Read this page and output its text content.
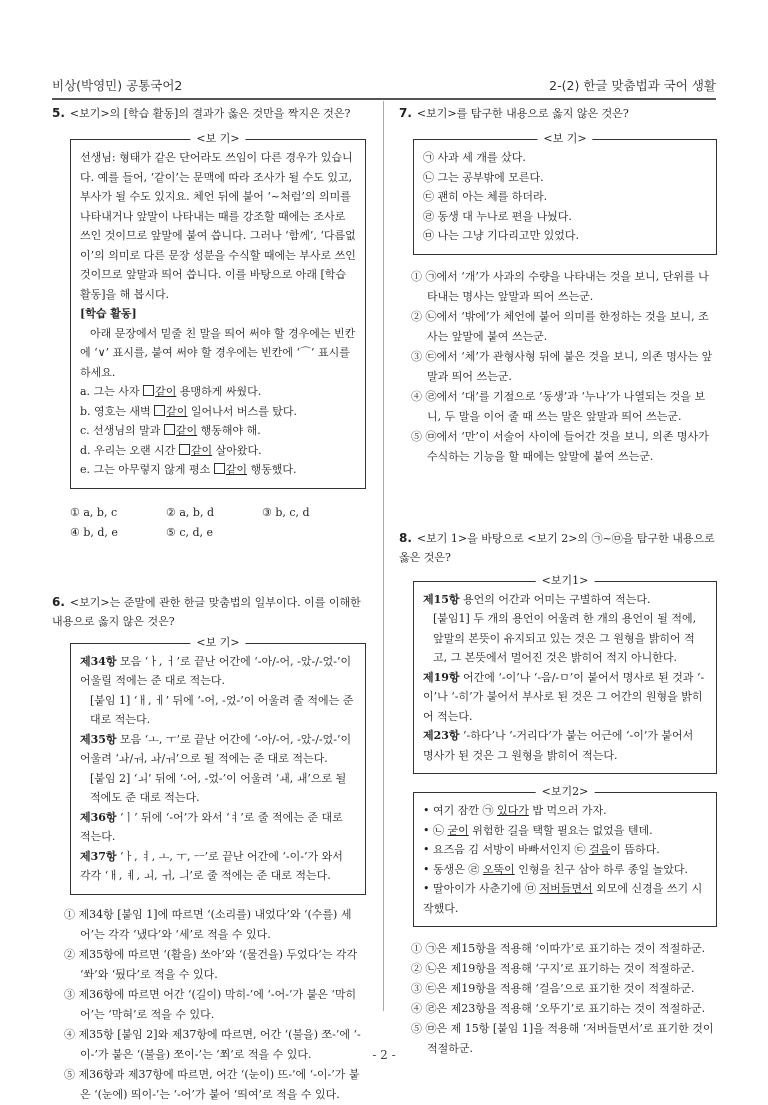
비상(박영민) 공통국어2	2-(2) 한글 맞춤법과 국어 생활

5. <보기>의 [학습 활동]의 결과가 옳은 것만을 짝지은 것은?

<보 기>

선생님: 형태가 같은 단어라도 쓰임이 다른 경우가 있습니다. 예를 들어, ‘같이’는 문맥에 따라 조사가 될 수도 있고, 부사가 될 수도 있지요. 체언 뒤에 붙어 ‘~처럼’의 의미를 나타내거나 앞말이 나타내는 때를 강조할 때에는 조사로 쓰인 것이므로 앞말에 붙여 씁니다. 그러나 ‘함께’, ‘다름없이’의 의미로 다른 문장 성분을 수식할 때에는 부사로 쓰인 것이므로 앞말과 띄어 씁니다. 이를 바탕으로 아래 [학습 활동]을 해 봅시다.

[학습 활동]

아래 문장에서 밑줄 친 말을 띄어 써야 할 경우에는 빈칸에 ‘∨’ 표시를, 붙여 써야 할 경우에는 빈칸에 ‘⌒’ 표시를 하세요.

a. 그는 사자 같이 용맹하게 싸웠다.

b. 영호는 새벽 같이 일어나서 버스를 탔다.

c. 선생님의 말과 같이 행동해야 해.

d. 우리는 오랜 시간 같이 살아왔다.

e. 그는 아무렇지 않게 평소 같이 행동했다.

① a, b, c	② a, b, d	③ b, c, d
④ b, d, e	⑤ c, d, e

6. <보기>는 준말에 관한 한글 맞춤법의 일부이다. 이를 이해한 내용으로 옳지 않은 것은?

<보 기>

제34항 모음 ‘ㅏ, ㅓ’로 끝난 어간에 ‘-아/-어, -았-/-었-’이 어울릴 적에는 준 대로 적는다.

[붙임 1] ‘ㅐ, ㅔ’ 뒤에 ‘-어, -었-’이 어울려 줄 적에는 준 대로 적는다.

제35항 모음 ‘ㅗ, ㅜ’로 끝난 어간에 ‘-아/-어, -았-/-었-’이 어울려 ‘ㅘ/ㅝ, ㅘ/ㅝ’으로 될 적에는 준 대로 적는다.

[붙임 2] ‘ㅚ’ 뒤에 ‘-어, -었-’이 어울려 ‘ㅙ, ㅙ’으로 될 적에도 준 대로 적는다.

제36항 ‘ㅣ’ 뒤에 ‘-어’가 와서 ‘ㅕ’로 줄 적에는 준 대로 적는다.

제37항 ‘ㅏ, ㅕ, ㅗ, ㅜ, ㅡ’로 끝난 어간에 ‘-이-’가 와서 각각 ‘ㅐ, ㅖ, ㅚ, ㅟ, ㅢ’로 줄 적에는 준 대로 적는다.

① 제34항 [붙임 1]에 따르면 ‘(소리를) 내었다’와 ‘(수를) 세어’는 각각 ‘냈다’와 ‘세’로 적을 수 있다.

② 제35항에 따르면 ‘(활을) 쏘아’와 ‘(물건을) 두었다’는 각각 ‘쏴’와 ‘뒀다’로 적을 수 있다.

③ 제36항에 따르면 어간 ‘(길이) 막히-’에 ‘-어-’가 붙은 ‘막히어’는 ‘막혀’로 적을 수 있다.

④ 제35항 [붙임 2]와 제37항에 따르면, 어간 ‘(불을) 쪼-’에 ‘-이-’가 붙은 ‘(불을) 쪼이-’는 ‘쬐’로 적을 수 있다.

⑤ 제36항과 제37항에 따르면, 어간 ‘(눈이) 뜨-’에 ‘-이-’가 붙은 ‘(눈에) 띄이-’는 ‘-어’가 붙어 ‘띄여’로 적을 수 있다.

7. <보기>를 탐구한 내용으로 옳지 않은 것은?

<보 기>

㉠ 사과 세 개를 샀다.

㉡ 그는 공부밖에 모른다.

㉢ 괜히 아는 체를 하더라.

㉣ 동생 대 누나로 편을 나눴다.

㉤ 나는 그냥 기다리고만 있었다.

① ㉠에서 ‘개’가 사과의 수량을 나타내는 것을 보니, 단위를 나타내는 명사는 앞말과 띄어 쓰는군.

② ㉡에서 ‘밖에’가 체언에 붙어 의미를 한정하는 것을 보니, 조사는 앞말에 붙여 쓰는군.

③ ㉢에서 ‘체’가 관형사형 뒤에 붙은 것을 보니, 의존 명사는 앞말과 띄어 쓰는군.

④ ㉣에서 ‘대’를 기점으로 ‘동생’과 ‘누나’가 나열되는 것을 보니, 두 말을 이어 줄 때 쓰는 말은 앞말과 띄어 쓰는군.

⑤ ㉤에서 ‘만’이 서술어 사이에 들어간 것을 보니, 의존 명사가 수식하는 기능을 할 때에는 앞말에 붙여 쓰는군.

8. <보기 1>을 바탕으로 <보기 2>의 ㉠~㉤을 탐구한 내용으로 옳은 것은?

<보기1>

제15항 용언의 어간과 어미는 구별하여 적는다.

[붙임1] 두 개의 용언이 어울려 한 개의 용언이 될 적에, 앞말의 본뜻이 유지되고 있는 것은 그 원형을 밝히어 적고, 그 본뜻에서 멀어진 것은 밝히어 적지 아니한다.

제19항 어간에 ‘-이’나 ‘-음/-ㅁ’이 붙어서 명사로 된 것과 ‘-이’나 ‘-히’가 붙어서 부사로 된 것은 그 어간의 원형을 밝히어 적는다.

제23항 ‘-하다’나 ‘-거리다’가 붙는 어근에 ‘-이’가 붙어서 명사가 된 것은 그 원형을 밝히어 적는다.

<보기2>

• 여기 잠깐 ㉠ 있다가 밥 먹으러 가자.

• ㉡ 굳이 위험한 길을 택할 필요는 없었을 텐데.

• 요즈음 김 서방이 바빠서인지 ㉢ 걸음이 뜸하다.

• 동생은 ㉣ 오뚝이 인형을 친구 삼아 하루 종일 놀았다.

• 딸아이가 사춘기에 ㉤ 저버들면서 외모에 신경을 쓰기 시작했다.

① ㉠은 제15항을 적용해 ‘이따가’로 표기하는 것이 적절하군.

② ㉡은 제19항을 적용해 ‘구지’로 표기하는 것이 적절하군.

③ ㉢은 제19항을 적용해 ‘걸음’으로 표기한 것이 적절하군.

④ ㉣은 제23항을 적용해 ‘오뚜기’로 표기하는 것이 적절하군.

⑤ ㉤은 제 15항 [붙임 1]을 적용해 ‘저버들면서’로 표기한 것이 적절하군.

- 2 -
